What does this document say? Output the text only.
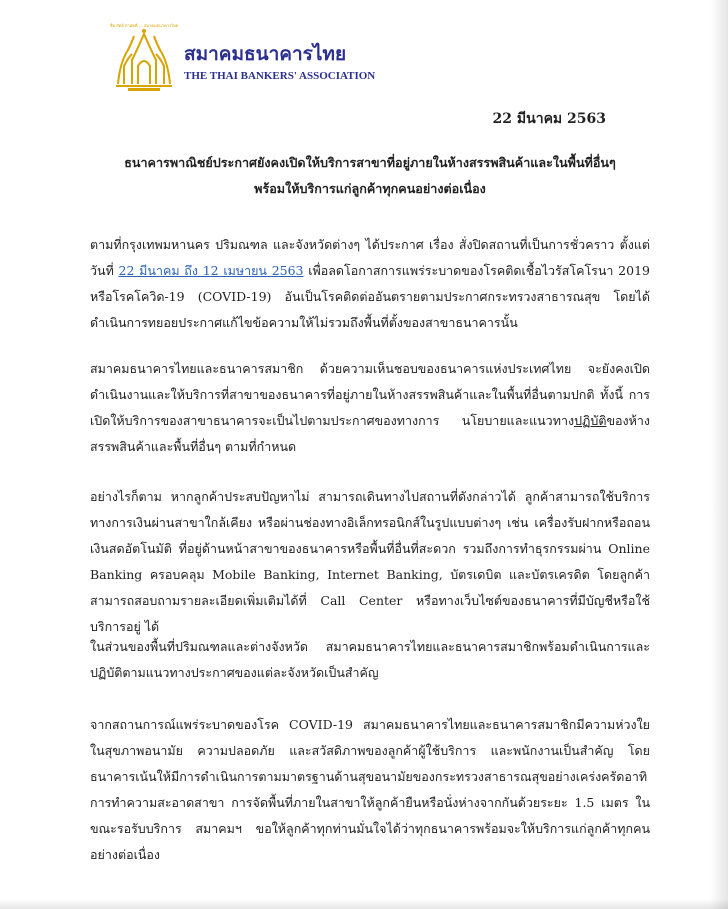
ชื่อ สัตย์ สามัคคี ... สมาคมธนาคารไทย
สมาคมธนาคารไทย
THE THAI BANKERS' ASSOCIATION
22 มีนาคม 2563
ธนาคารพาณิชย์ประกาศยังคงเปิดให้บริการสาขาที่อยู่ภายในห้างสรรพสินค้าและในพื้นที่อื่นๆ
พร้อมให้บริการแก่ลูกค้าทุกคนอย่างต่อเนื่อง

ตามที่กรุงเทพมหานคร ปริมณฑล และจังหวัดต่างๆ ได้ประกาศ เรื่อง สั่งปิดสถานที่เป็นการชั่วคราว ตั้งแต่วันที่ 22 มีนาคม ถึง 12 เมษายน 2563 เพื่อลดโอกาสการแพร่ระบาดของโรคติดเชื้อไวรัสโคโรนา 2019 หรือโรคโควิด-19 (COVID-19) อันเป็นโรคติดต่ออันตรายตามประกาศกระทรวงสาธารณสุข โดยได้ดำเนินการทยอยประกาศแก้ไขข้อความให้ไม่รวมถึงพื้นที่ตั้งของสาขาธนาคารนั้น

สมาคมธนาคารไทยและธนาคารสมาชิก ด้วยความเห็นชอบของธนาคารแห่งประเทศไทย จะยังคงเปิดดำเนินงานและให้บริการที่สาขาของธนาคารที่อยู่ภายในห้างสรรพสินค้าและในพื้นที่อื่นตามปกติ ทั้งนี้ การเปิดให้บริการของสาขาธนาคารจะเป็นไปตามประกาศของทางการ นโยบายและแนวทางปฏิบัติของห้างสรรพสินค้าและพื้นที่อื่นๆ ตามที่กำหนด

อย่างไรก็ตาม หากลูกค้าประสบปัญหาไม่ สามารถเดินทางไปสถานที่ดังกล่าวได้ ลูกค้าสามารถใช้บริการทางการเงินผ่านสาขาใกล้เคียง หรือผ่านช่องทางอิเล็กทรอนิกส์ในรูปแบบต่างๆ เช่น เครื่องรับฝากหรือถอนเงินสดอัตโนมัติ ที่อยู่ด้านหน้าสาขาของธนาคารหรือพื้นที่อื่นที่สะดวก รวมถึงการทำธุรกรรมผ่าน Online Banking ครอบคลุม Mobile Banking, Internet Banking, บัตรเดบิต และบัตรเครดิต โดยลูกค้าสามารถสอบถามรายละเอียดเพิ่มเติมได้ที่ Call Center หรือทางเว็บไซต์ของธนาคารที่มีบัญชีหรือใช้บริการอยู่ ได้

ในส่วนของพื้นที่ปริมณฑลและต่างจังหวัด สมาคมธนาคารไทยและธนาคารสมาชิกพร้อมดำเนินการและปฏิบัติตามแนวทางประกาศของแต่ละจังหวัดเป็นสำคัญ

จากสถานการณ์แพร่ระบาดของโรค COVID-19 สมาคมธนาคารไทยและธนาคารสมาชิกมีความห่วงใยในสุขภาพอนามัย ความปลอดภัย และสวัสดิภาพของลูกค้าผู้ใช้บริการ และพนักงานเป็นสำคัญ โดยธนาคารเน้นให้มีการดำเนินการตามมาตรฐานด้านสุขอนามัยของกระทรวงสาธารณสุขอย่างเคร่งครัดอาทิ การทำความสะอาดสาขา การจัดพื้นที่ภายในสาขาให้ลูกค้ายืนหรือนั่งห่างจากกันด้วยระยะ 1.5 เมตร ในขณะรอรับบริการ สมาคมฯ ขอให้ลูกค้าทุกท่านมั่นใจได้ว่าทุกธนาคารพร้อมจะให้บริการแก่ลูกค้าทุกคนอย่างต่อเนื่อง
